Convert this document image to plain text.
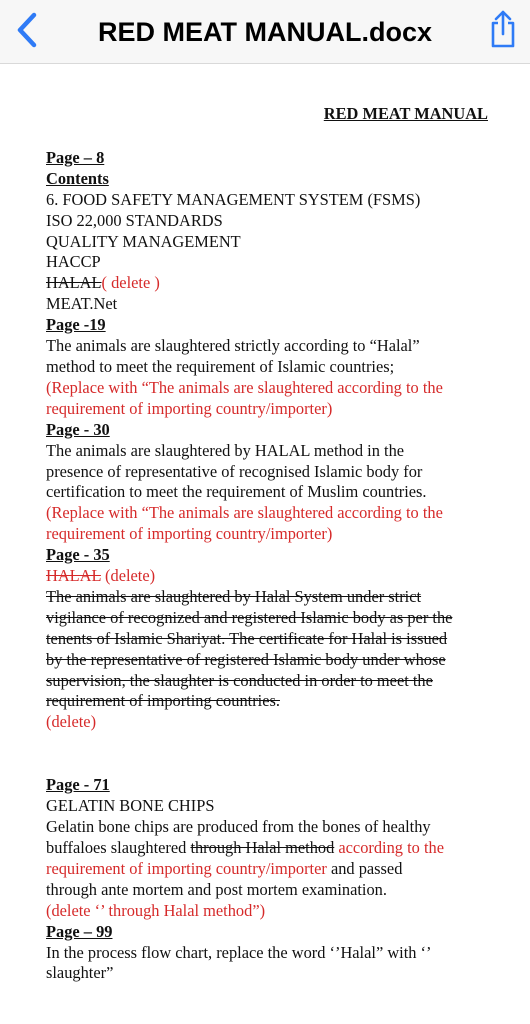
RED MEAT MANUAL.docx
RED MEAT MANUAL
Page – 8
Contents
6. FOOD SAFETY MANAGEMENT SYSTEM (FSMS)
ISO 22,000 STANDARDS
QUALITY MANAGEMENT
HACCP
HALAL( delete )
MEAT.Net
Page -19
The animals are slaughtered strictly according to “Halal”
method to meet the requirement of Islamic countries;
(Replace with “The animals are slaughtered according to the
requirement of importing country/importer)
Page - 30
The animals are slaughtered by HALAL method in the
presence of representative of recognised Islamic body for
certification to meet the requirement of Muslim countries.
(Replace with “The animals are slaughtered according to the
requirement of importing country/importer)
Page - 35
HALAL (delete)
The animals are slaughtered by Halal System under strict
vigilance of recognized and registered Islamic body as per the
tenents of Islamic Shariyat. The certificate for Halal is issued
by the representative of registered Islamic body under whose
supervision, the slaughter is conducted in order to meet the
requirement of importing countries.
(delete)
Page - 71
GELATIN BONE CHIPS
Gelatin bone chips are produced from the bones of healthy
buffaloes slaughtered through Halal method according to the
requirement of importing country/importer and passed
through ante mortem and post mortem examination.
(delete ‘’ through Halal method”)
Page – 99
In the process flow chart, replace the word ‘’Halal” with ‘’
slaughter”
